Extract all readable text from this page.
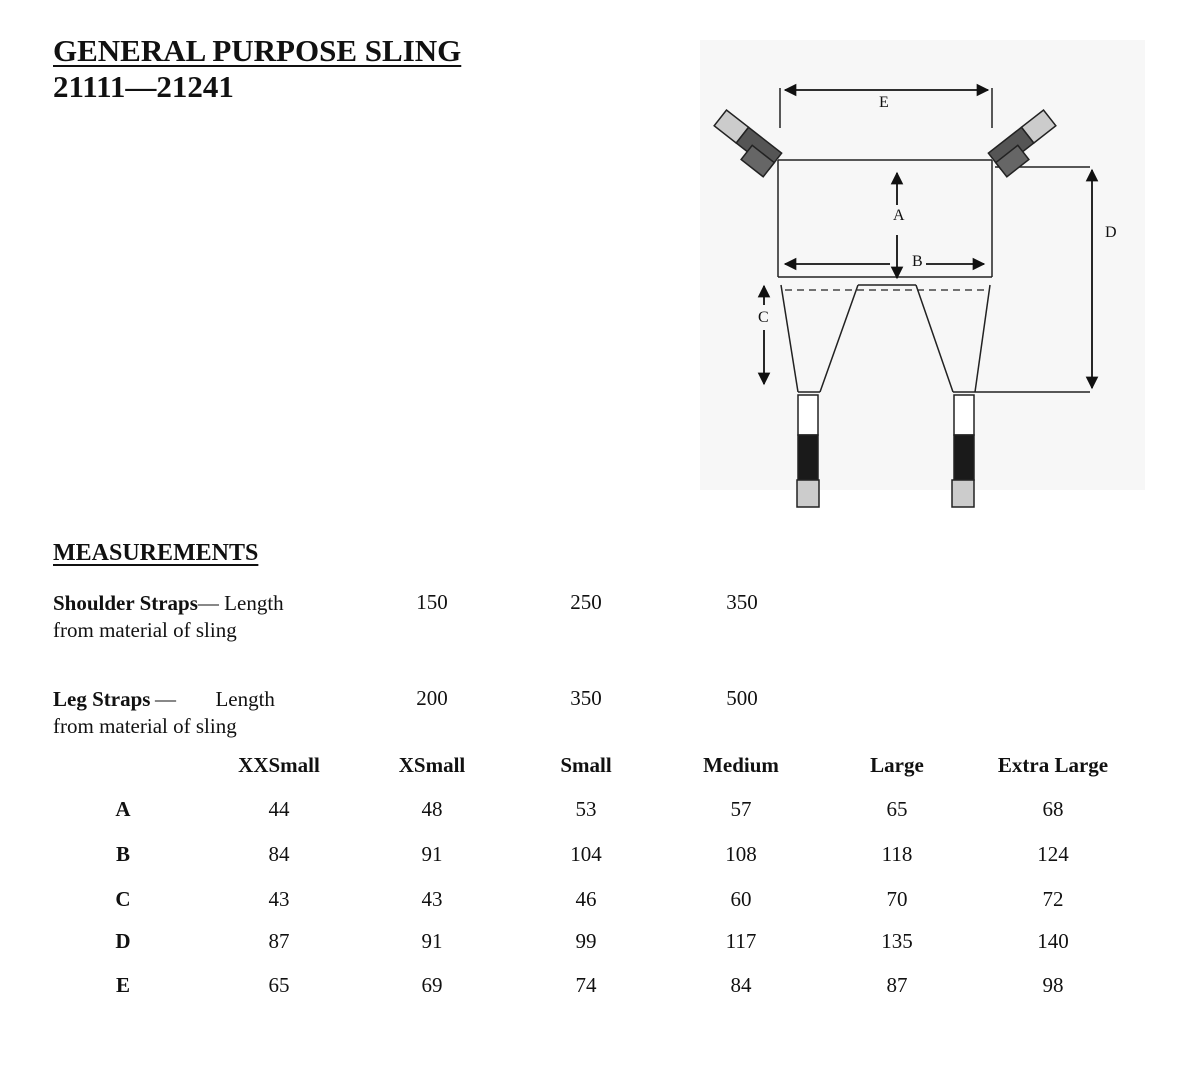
GENERAL PURPOSE SLING
21111—21241	E
A
B
C
D
MEASUREMENTS
Shoulder Straps— Length
from material of sling
150	250	350
Leg Straps — Length
from material of sling
200	350	500
XXSmall	XSmall	Small	Medium	Large	Extra Large
A	44	48	53	57	65	68
B	84	91	104	108	118	124
C	43	43	46	60	70	72
D	87	91	99	117	135	140
E	65	69	74	84	87	98
